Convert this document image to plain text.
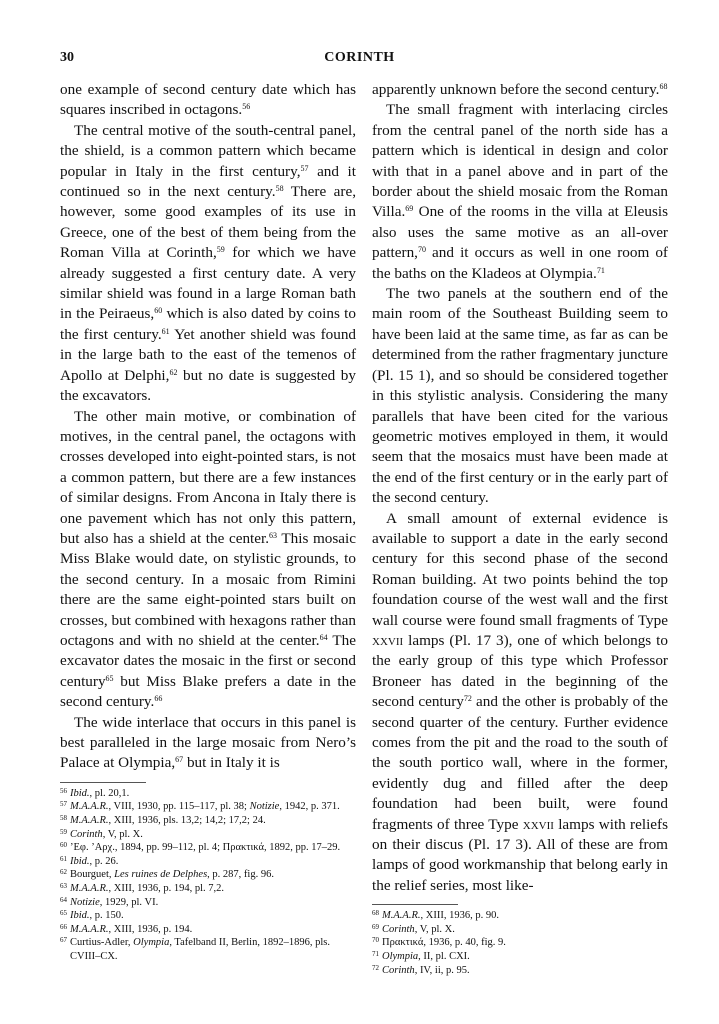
30	CORINTH

one example of second century date which has squares inscribed in octagons.$^{56}$

The central motive of the south-central panel, the shield, is a common pattern which became popular in Italy in the first century,$^{57}$ and it continued so in the next century.$^{58}$ There are, however, some good examples of its use in Greece, one of the best of them being from the Roman Villa at Corinth,$^{59}$ for which we have already suggested a first century date. A very similar shield was found in a large Roman bath in the Peiraeus,$^{60}$ which is also dated by coins to the first century.$^{61}$ Yet another shield was found in the large bath to the east of the temenos of Apollo at Delphi,$^{62}$ but no date is suggested by the excavators.

The other main motive, or combination of motives, in the central panel, the octagons with crosses developed into eight-pointed stars, is not a common pattern, but there are a few instances of similar designs. From Ancona in Italy there is one pavement which has not only this pattern, but also has a shield at the center.$^{63}$ This mosaic Miss Blake would date, on stylistic grounds, to the second century. In a mosaic from Rimini there are the same eight-pointed stars built on crosses, but combined with hexagons rather than octagons and with no shield at the center.$^{64}$ The excavator dates the mosaic in the first or second century$^{65}$ but Miss Blake prefers a date in the second century.$^{66}$

The wide interlace that occurs in this panel is best paralleled in the large mosaic from Nero’s Palace at Olympia,$^{67}$ but in Italy it is

$^{56}$ Ibid., pl. 20,1.
$^{57}$ M.A.A.R., VIII, 1930, pp. 115–117, pl. 38; Notizie, 1942, p. 371.
$^{58}$ M.A.A.R., XIII, 1936, pls. 13,2; 14,2; 17,2; 24.
$^{59}$ Corinth, V, pl. X.
$^{60}$ ’Εφ. ’Αρχ., 1894, pp. 99–112, pl. 4; Πρακτικά, 1892, pp. 17–29.
$^{61}$ Ibid., p. 26.
$^{62}$ Bourguet, Les ruines de Delphes, p. 287, fig. 96.
$^{63}$ M.A.A.R., XIII, 1936, p. 194, pl. 7,2.
$^{64}$ Notizie, 1929, pl. VI.
$^{65}$ Ibid., p. 150.
$^{66}$ M.A.A.R., XIII, 1936, p. 194.
$^{67}$ Curtius-Adler, Olympia, Tafelband II, Berlin, 1892–1896, pls. CVIII–CX.

apparently unknown before the second century.$^{68}$

The small fragment with interlacing circles from the central panel of the north side has a pattern which is identical in design and color with that in a panel above and in part of the border about the shield mosaic from the Roman Villa.$^{69}$ One of the rooms in the villa at Eleusis also uses the same motive as an all-over pattern,$^{70}$ and it occurs as well in one room of the baths on the Kladeos at Olympia.$^{71}$

The two panels at the southern end of the main room of the Southeast Building seem to have been laid at the same time, as far as can be determined from the rather fragmentary juncture (Pl. 15 1), and so should be considered together in this stylistic analysis. Considering the many parallels that have been cited for the various geometric motives employed in them, it would seem that the mosaics must have been made at the end of the first century or in the early part of the second century.

A small amount of external evidence is available to support a date in the early second century for this second phase of the second Roman building. At two points behind the top foundation course of the west wall and the first wall course were found small fragments of Type xxvii lamps (Pl. 17 3), one of which belongs to the early group of this type which Professor Broneer has dated in the beginning of the second century$^{72}$ and the other is probably of the second quarter of the century. Further evidence comes from the pit and the road to the south of the south portico wall, where in the former, evidently dug and filled after the deep foundation had been built, were found fragments of three Type xxvii lamps with reliefs on their discus (Pl. 17 3). All of these are from lamps of good workmanship that belong early in the relief series, most like-

$^{68}$ M.A.A.R., XIII, 1936, p. 90.
$^{69}$ Corinth, V, pl. X.
$^{70}$ Πρακτικά, 1936, p. 40, fig. 9.
$^{71}$ Olympia, II, pl. CXI.
$^{72}$ Corinth, IV, ii, p. 95.
